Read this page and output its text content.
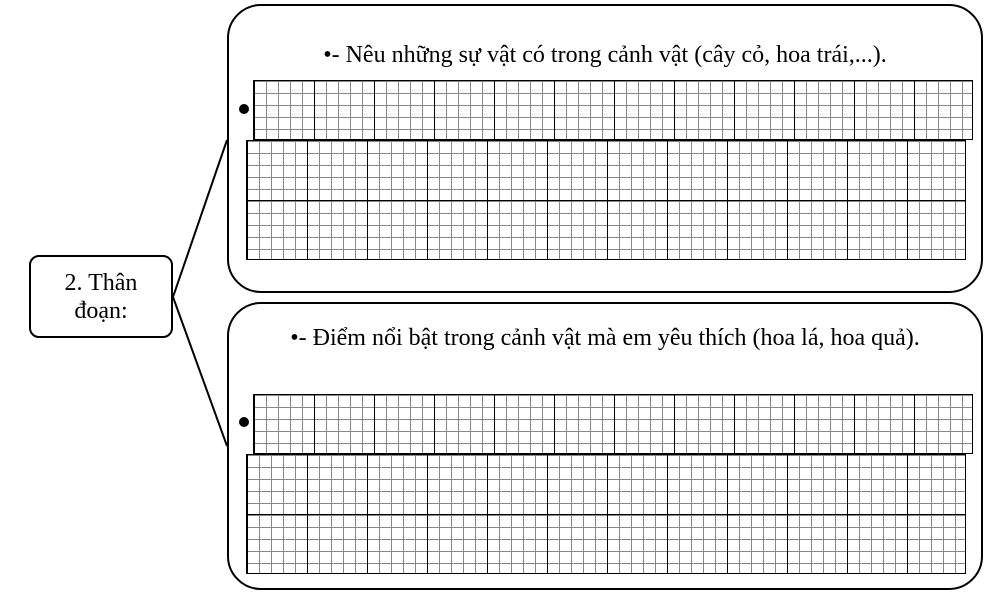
2. Thân đoạn:
•- Nêu những sự vật có trong cảnh vật (cây cỏ, hoa trái,...).
•- Điểm nổi bật trong cảnh vật mà em yêu thích (hoa lá, hoa quả).
